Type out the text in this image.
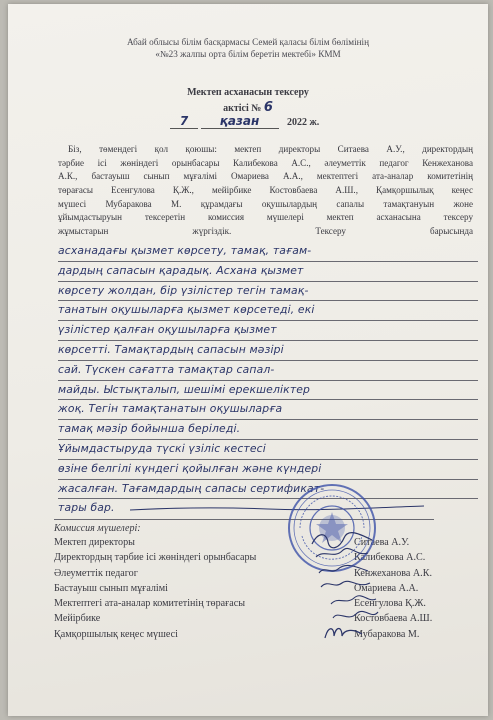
Абай облысы білім басқармасы Семей қаласы білім бөлімінің
«№23 жалпы орта білім беретін мектебі» КММ
Мектеп асханасын тексеру
актісі № 6
7	қазан	2022 ж.
Біз, төмендегі қол қоюшы: мектеп директоры Ситаева А.У., директордың
тәрбие ісі жөніндегі орынбасары Калибекова А.С., әлеуметтік педагог Кенжеханова
А.К., бастауыш сынып мұғалімі Омариева А.А., мектептегі ата-аналар комитетінің
төрағасы Есенгулова Қ.Ж., мейірбике Костовбаева А.Ш., Қамқоршылық кеңес
мүшесі Мубаракова М. құрамдағы оқушылардың сапалы тамақтануын жоне
ұйымдастыруын тексеретін комиссия мүшелері мектеп асханасына тексеру
жұмыстарын жүргіздік. Тексеру барысында
асханадағы қызмет көрсету, тамақ, тағам-
дардың сапасын қарадық. Асхана қызмет
көрсету жолдан, бір үзілістер тегін тамақ-
танатын оқушыларға қызмет көрсетеді, екі
үзілістер қалған оқушыларға қызмет
көрсетті. Тамақтардың сапасын мәзірі
сай. Түскен сағатта тамақтар сапал-
майды. Ыстықталып, шешімі ерекшеліктер
жоқ. Тегін тамақтанатын оқушыларға
тамақ мәзір бойынша беріледі.
Ұйымдастыруда түскі үзіліс кестесі
өзіне белгілі күндегі қойылған және күндері
жасалған. Тағамдардың сапасы сертификат-
тары бар.
Комиссия мүшелері:
Мектеп директоры	Ситаева А.У.
Директордың тәрбие ісі жөніндегі орынбасары	Калибекова А.С.
Әлеуметтік педагог	Кенжеханова А.К.
Бастауыш сынып мұғалімі	Омариева А.А.
Мектептегі ата-аналар комитетінің төрағасы	Есенгулова Қ.Ж.
Мейірбике	Костовбаева А.Ш.
Қамқоршылық кеңес мүшесі	Мубаракова М.
